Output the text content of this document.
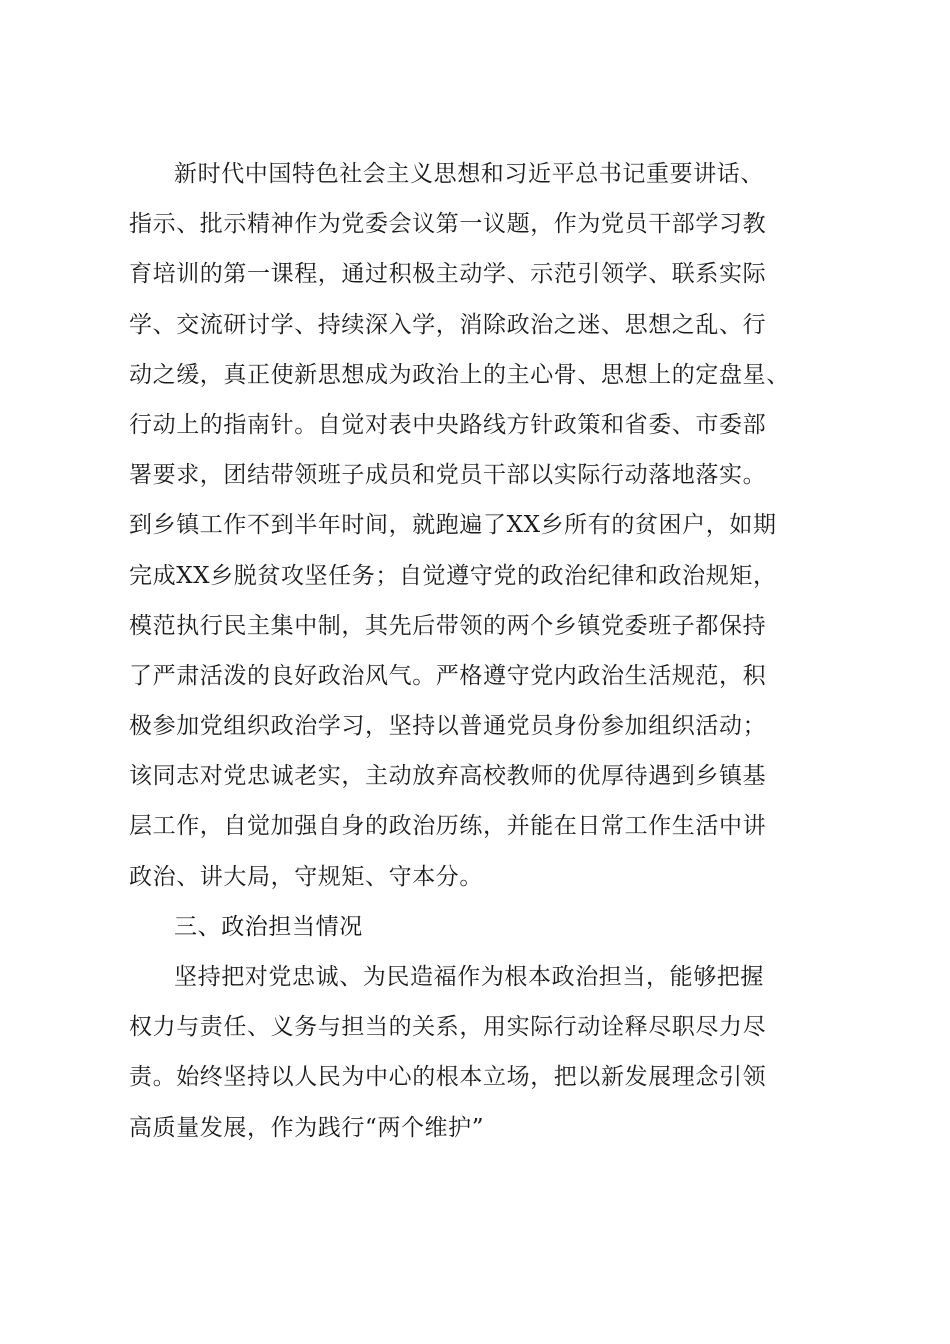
新时代中国特色社会主义思想和习近平总书记重要讲话、
指示、批示精神作为党委会议第一议题，作为党员干部学习教
育培训的第一课程，通过积极主动学、示范引领学、联系实际
学、交流研讨学、持续深入学，消除政治之迷、思想之乱、行
动之缓，真正使新思想成为政治上的主心骨、思想上的定盘星、
行动上的指南针。自觉对表中央路线方针政策和省委、市委部
署要求，团结带领班子成员和党员干部以实际行动落地落实。
到乡镇工作不到半年时间，就跑遍了XX乡所有的贫困户，如期
完成XX乡脱贫攻坚任务；自觉遵守党的政治纪律和政治规矩，
模范执行民主集中制，其先后带领的两个乡镇党委班子都保持
了严肃活泼的良好政治风气。严格遵守党内政治生活规范，积
极参加党组织政治学习，坚持以普通党员身份参加组织活动；
该同志对党忠诚老实，主动放弃高校教师的优厚待遇到乡镇基
层工作，自觉加强自身的政治历练，并能在日常工作生活中讲
政治、讲大局，守规矩、守本分。
三、政治担当情况
坚持把对党忠诚、为民造福作为根本政治担当，能够把握
权力与责任、义务与担当的关系，用实际行动诠释尽职尽力尽
责。始终坚持以人民为中心的根本立场，把以新发展理念引领
高质量发展，作为践行“两个维护”
